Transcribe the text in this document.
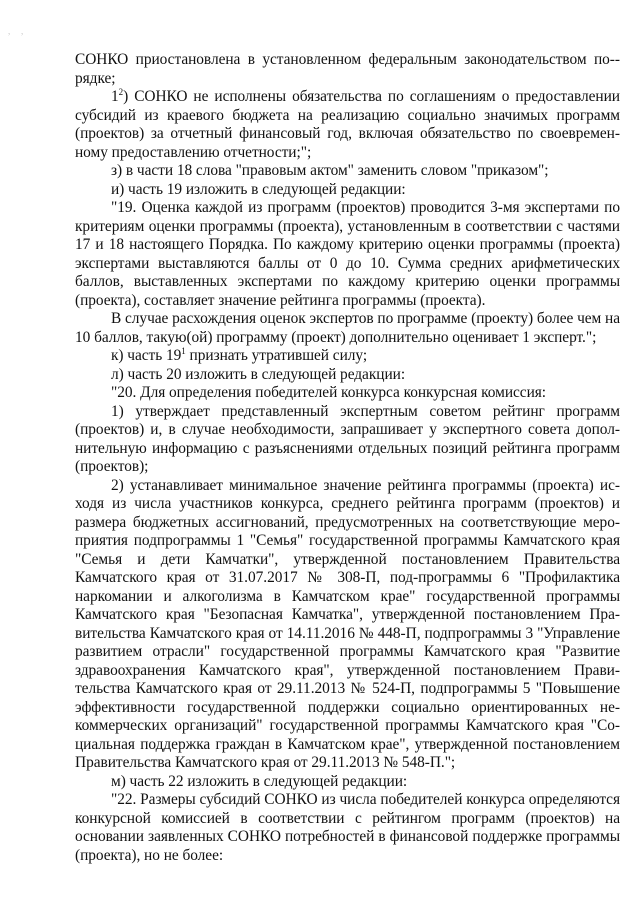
, ,

СОНКО приостановлена в установленном федеральным законодательством по-рядке;

$1^2$) СОНКО не исполнены обязательства по соглашениям о предоставлении субсидий из краевого бюджета на реализацию социально значимых программ (проектов) за отчетный финансовый год, включая обязательство по своевременному предоставлению отчетности;";

з) в части 18 слова "правовым актом" заменить словом "приказом";

и) часть 19 изложить в следующей редакции:

"19. Оценка каждой из программ (проектов) проводится 3-мя экспертами по критериям оценки программы (проекта), установленным в соответствии с частями 17 и 18 настоящего Порядка. По каждому критерию оценки программы (проекта) экспертами выставляются баллы от 0 до 10. Сумма средних арифметических баллов, выставленных экспертами по каждому критерию оценки программы (проекта), составляет значение рейтинга программы (проекта).

В случае расхождения оценок экспертов по программе (проекту) более чем на 10 баллов, такую(ой) программу (проект) дополнительно оценивает 1 эксперт.";

к) часть $19^1$ признать утратившей силу;

л) часть 20 изложить в следующей редакции:

"20. Для определения победителей конкурса конкурсная комиссия:

1) утверждает представленный экспертным советом рейтинг программ (проектов) и, в случае необходимости, запрашивает у экспертного совета дополнительную информацию с разъяснениями отдельных позиций рейтинга программ (проектов);

2) устанавливает минимальное значение рейтинга программы (проекта) исходя из числа участников конкурса, среднего рейтинга программ (проектов) и размера бюджетных ассигнований, предусмотренных на соответствующие мероприятия подпрограммы 1 "Семья" государственной программы Камчатского края "Семья и дети Камчатки", утвержденной постановлением Правительства Камчатского края от 31.07.2017 № 308-П, под-программы 6 "Профилактика наркомании и алкоголизма в Камчатском крае" государственной программы Камчатского края "Безопасная Камчатка", утвержденной постановлением Правительства Камчатского края от 14.11.2016 № 448-П, подпрограммы 3 "Управление развитием отрасли" государственной программы Камчатского края "Развитие здравоохранения Камчатского края", утвержденной постановлением Правительства Камчатского края от 29.11.2013 № 524-П, подпрограммы 5 "Повышение эффективности государственной поддержки социально ориентированных некоммерческих организаций" государственной программы Камчатского края "Социальная поддержка граждан в Камчатском крае", утвержденной постановлением Правительства Камчатского края от 29.11.2013 № 548-П.";

м) часть 22 изложить в следующей редакции:

"22. Размеры субсидий СОНКО из числа победителей конкурса определяются конкурсной комиссией в соответствии с рейтингом программ (проектов) на основании заявленных СОНКО потребностей в финансовой поддержке программы (проекта), но не более:
